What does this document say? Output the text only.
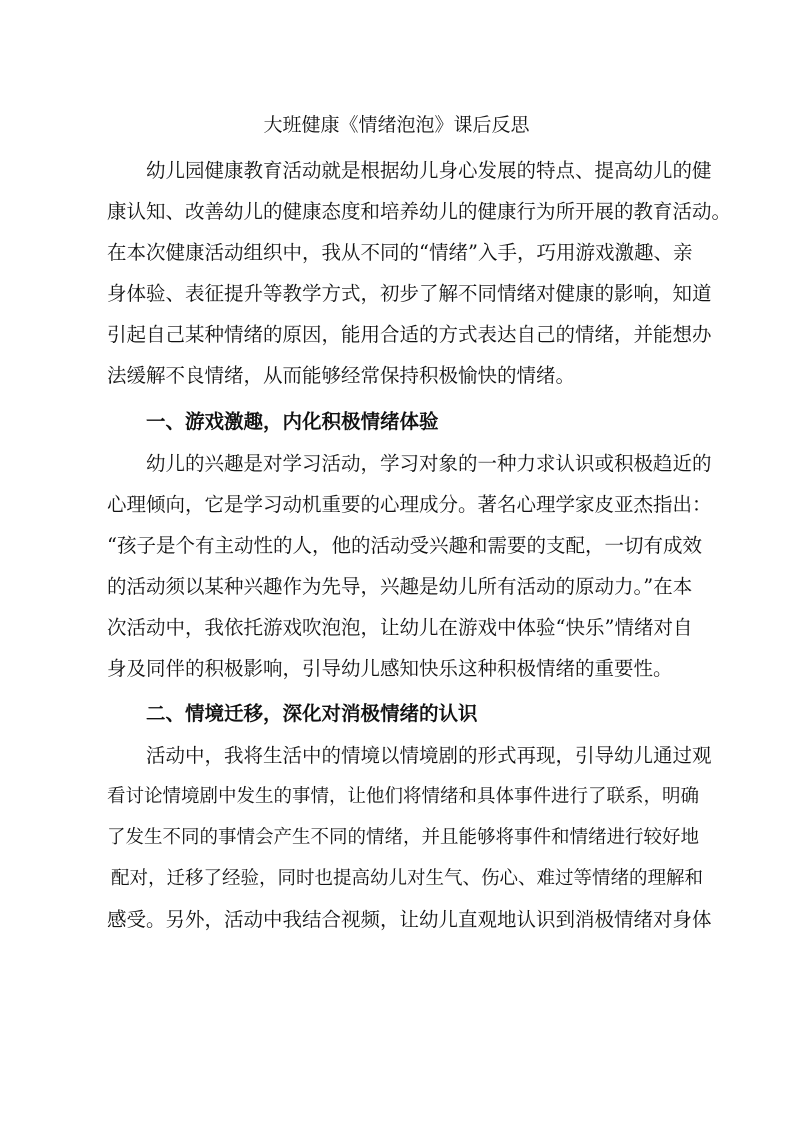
大班健康《情绪泡泡》课后反思
幼儿园健康教育活动就是根据幼儿身心发展的特点、提高幼儿的健
康认知、改善幼儿的健康态度和培养幼儿的健康行为所开展的教育活动。
在本次健康活动组织中，我从不同的“情绪”入手，巧用游戏激趣、亲
身体验、表征提升等教学方式，初步了解不同情绪对健康的影响，知道
引起自己某种情绪的原因，能用合适的方式表达自己的情绪，并能想办
法缓解不良情绪，从而能够经常保持积极愉快的情绪。
一、游戏激趣，内化积极情绪体验
幼儿的兴趣是对学习活动，学习对象的一种力求认识或积极趋近的
心理倾向，它是学习动机重要的心理成分。著名心理学家皮亚杰指出：
“孩子是个有主动性的人，他的活动受兴趣和需要的支配，一切有成效
的活动须以某种兴趣作为先导，兴趣是幼儿所有活动的原动力。”在本
次活动中，我依托游戏吹泡泡，让幼儿在游戏中体验“快乐”情绪对自
身及同伴的积极影响，引导幼儿感知快乐这种积极情绪的重要性。
二、情境迁移，深化对消极情绪的认识
活动中，我将生活中的情境以情境剧的形式再现，引导幼儿通过观
看讨论情境剧中发生的事情，让他们将情绪和具体事件进行了联系，明确
了发生不同的事情会产生不同的情绪，并且能够将事件和情绪进行较好地
配对，迁移了经验，同时也提高幼儿对生气、伤心、难过等情绪的理解和
感受。另外，活动中我结合视频，让幼儿直观地认识到消极情绪对身体
